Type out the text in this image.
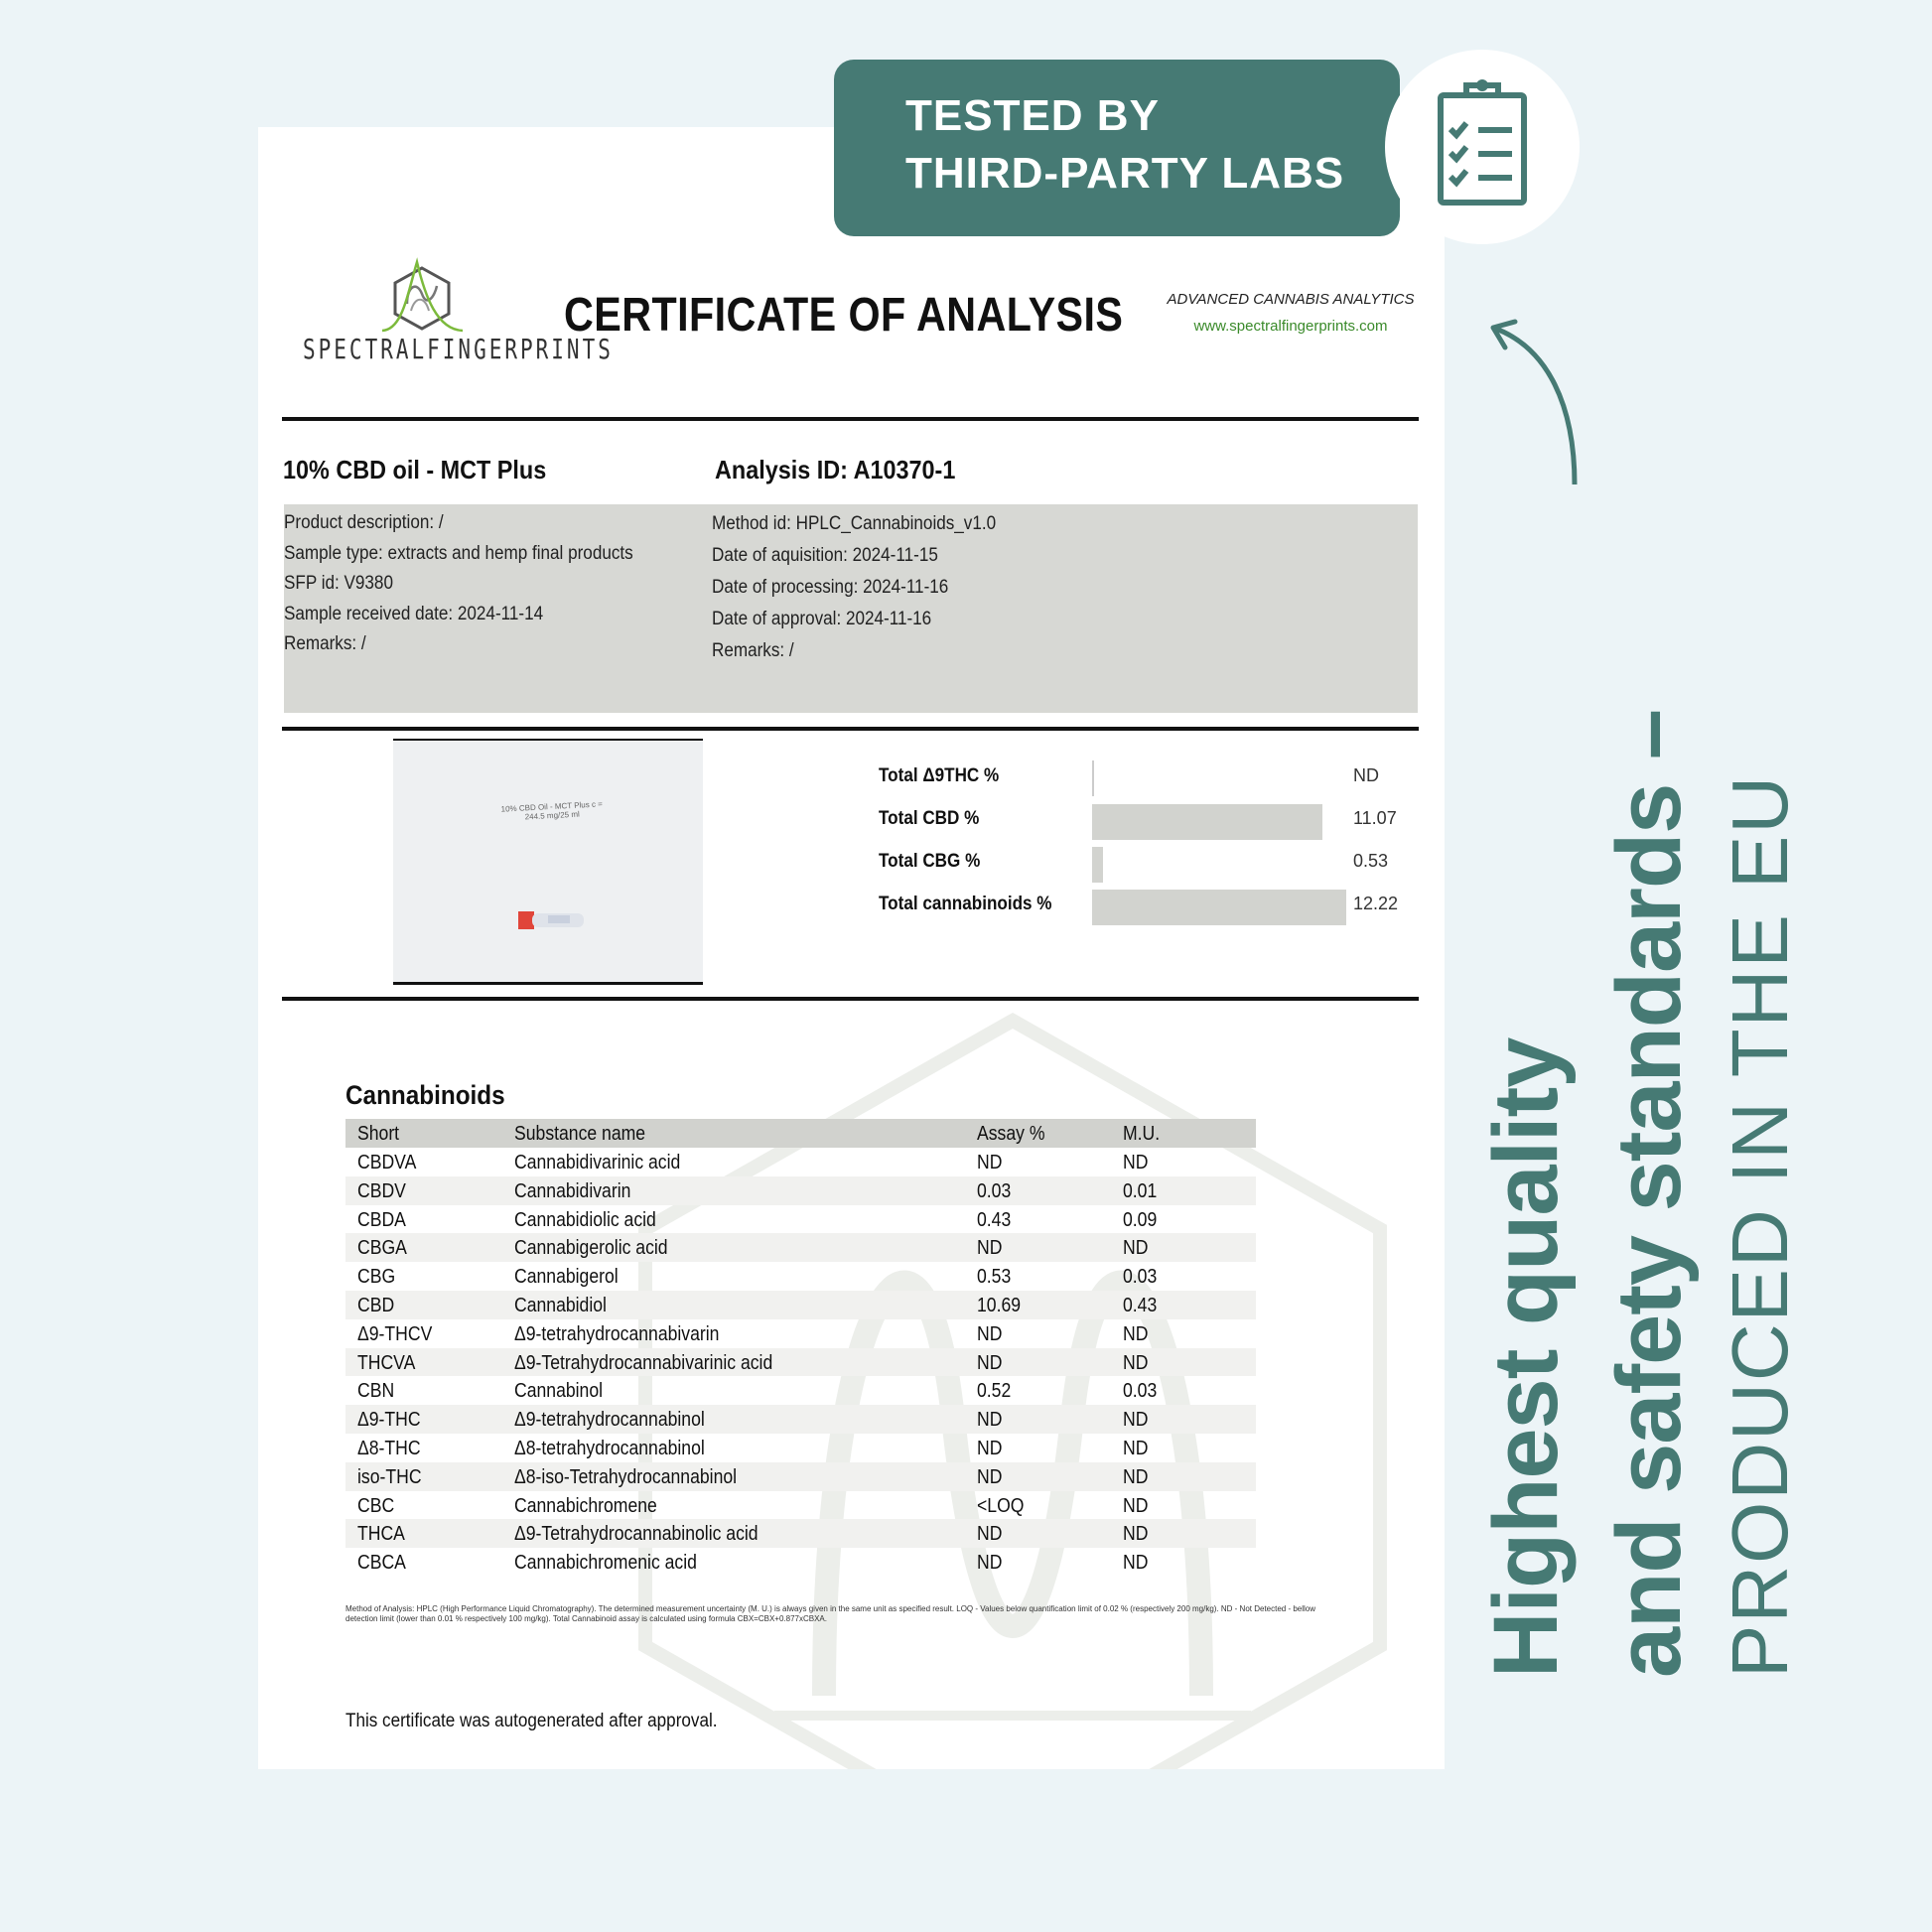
SPECTRALFINGERPRINTS
CERTIFICATE OF ANALYSIS	ADVANCED CANNABIS ANALYTICS
www.spectralfingerprints.com
10% CBD oil - MCT Plus	Analysis ID: A10370-1
Product description: /
Sample type: extracts and hemp final products
SFP id: V9380
Sample received date: 2024-11-14
Remarks: /
Method id: HPLC_Cannabinoids_v1.0
Date of aquisition: 2024-11-15
Date of processing: 2024-11-16
Date of approval: 2024-11-16
Remarks: /
10% CBD Oil - MCT Plus c = 244.5 mg/25 ml
Total Δ9THC %	ND
Total CBD %	11.07
Total CBG %	0.53
Total cannabinoids %	12.22
Cannabinoids
Short	Substance name	Assay %	M.U.
CBDVA	Cannabidivarinic acid	ND	ND
CBDV	Cannabidivarin	0.03	0.01
CBDA	Cannabidiolic acid	0.43	0.09
CBGA	Cannabigerolic acid	ND	ND
CBG	Cannabigerol	0.53	0.03
CBD	Cannabidiol	10.69	0.43
Δ9-THCV	Δ9-tetrahydrocannabivarin	ND	ND
THCVA	Δ9-Tetrahydrocannabivarinic acid	ND	ND
CBN	Cannabinol	0.52	0.03
Δ9-THC	Δ9-tetrahydrocannabinol	ND	ND
Δ8-THC	Δ8-tetrahydrocannabinol	ND	ND
iso-THC	Δ8-iso-Tetrahydrocannabinol	ND	ND
CBC	Cannabichromene	<LOQ	ND
THCA	Δ9-Tetrahydrocannabinolic acid	ND	ND
CBCA	Cannabichromenic acid	ND	ND
Method of Analysis: HPLC (High Performance Liquid Chromatography). The determined measurement uncertainty (M. U.) is always given in the same unit as specified result. LOQ - Values below quantification limit of 0.02 % (respectively 200 mg/kg). ND - Not Detected - bellow detection limit (lower than 0.01 % respectively 100 mg/kg). Total Cannabinoid assay is calculated using formula CBX=CBX+0.877xCBXA.
This certificate was autogenerated after approval.
TESTED BY
THIRD-PARTY LABS
Highest quality and safety standards – PRODUCED IN THE EU
